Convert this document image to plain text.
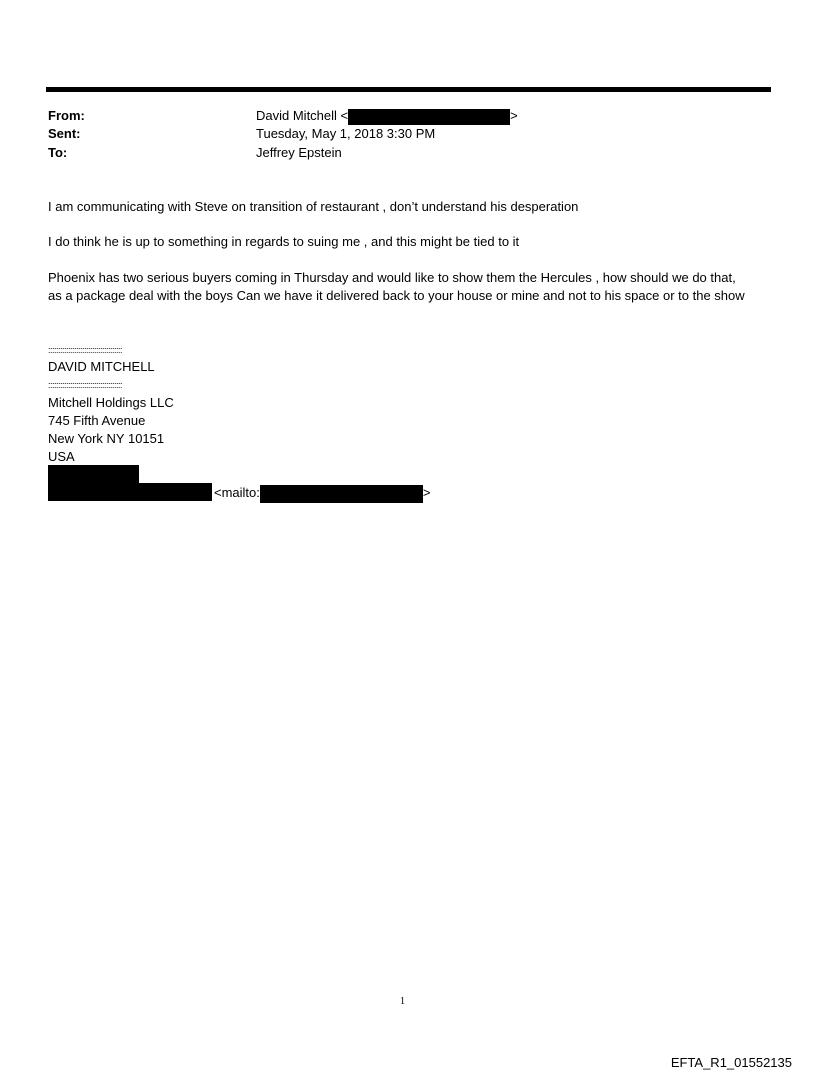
From:	David Mitchell <	>
Sent:	Tuesday, May 1, 2018 3:30 PM
To:	Jeffrey Epstein
I am communicating with Steve on transition of restaurant , don’t understand his desperation
I do think he is up to something in regards to suing me , and this might be tied to it
Phoenix has two serious buyers coming in Thursday and would like to show them the Hercules , how should we do that,
as a package deal with the boys Can we have it delivered back to your house or mine and not to his space or to the show
:::::::::::::::::::::::::::::::::::::
DAVID MITCHELL
:::::::::::::::::::::::::::::::::::::
Mitchell Holdings LLC
745 Fifth Avenue
New York NY 10151
USA
<mailto:	>
1
EFTA_R1_01552135
